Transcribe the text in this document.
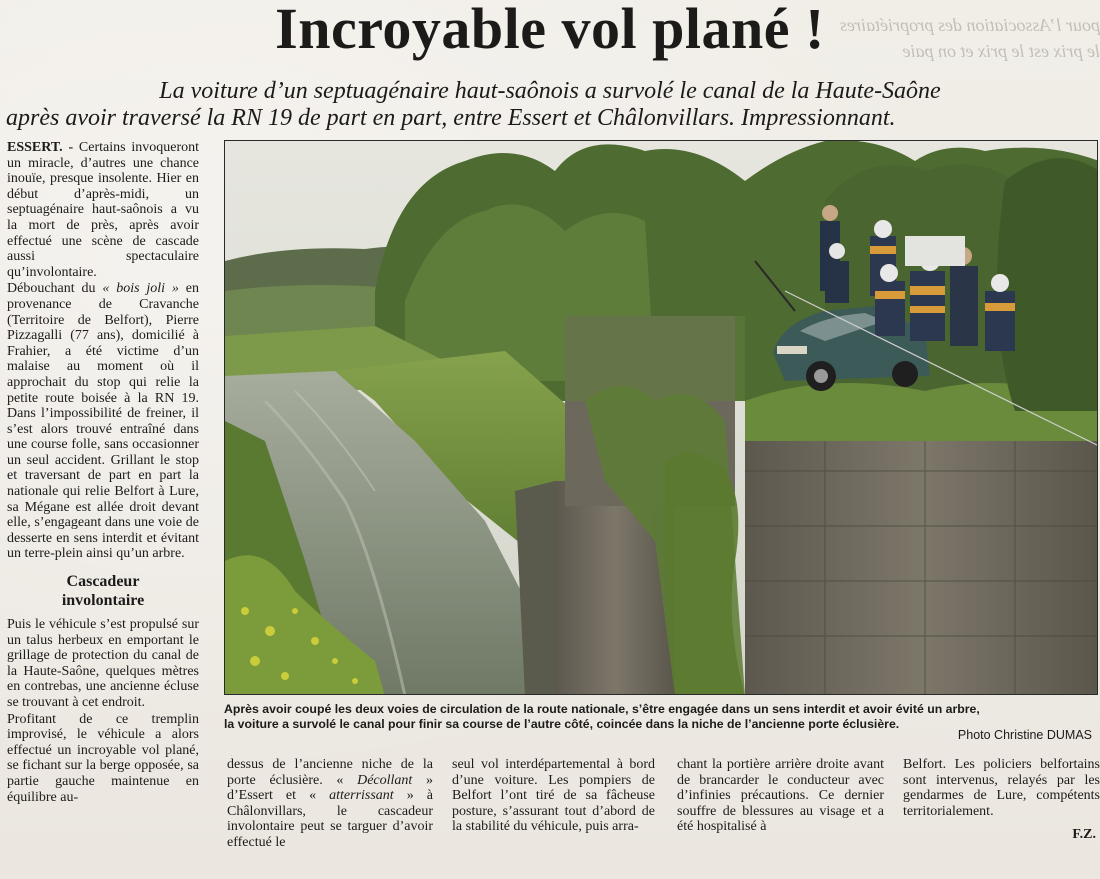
pour l’Association des propriétaires
le prix est le prix et on paie
Incroyable vol plané !
La voiture d’un septuagénaire haut-saônois a survolé le canal de la Haute-Saône
après avoir traversé la RN 19 de part en part, entre Essert et Châlonvillars. Impressionnant.

ESSERT. - Certains invoqueront un miracle, d’autres une chance inouïe, presque insolente. Hier en début d’après-midi, un septuagénaire haut-saônois a vu la mort de près, après avoir effectué une scène de cascade aussi spectaculaire qu’involontaire.

Débouchant du « bois joli » en provenance de Cravanche (Territoire de Belfort), Pierre Pizzagalli (77 ans), domicilié à Frahier, a été victime d’un malaise au moment où il approchait du stop qui relie la petite route boisée à la RN 19. Dans l’impossibilité de freiner, il s’est alors trouvé entraîné dans une course folle, sans occasionner un seul accident. Grillant le stop et traversant de part en part la nationale qui relie Belfort à Lure, sa Mégane est allée droit devant elle, s’engageant dans une voie de desserte en sens interdit et évitant un terre-plein ainsi qu’un arbre.

Cascadeur
involontaire

Puis le véhicule s’est propulsé sur un talus herbeux en emportant le grillage de protection du canal de la Haute-Saône, quelques mètres en contrebas, une ancienne écluse se trouvant à cet endroit.

Profitant de ce tremplin improvisé, le véhicule a alors effectué un incroyable vol plané, se fichant sur la berge opposée, sa partie gauche maintenue en équilibre au-

Après avoir coupé les deux voies de circulation de la route nationale, s’être engagée dans un sens interdit et avoir évité un arbre,
la voiture a survolé le canal pour finir sa course de l’autre côté, coincée dans la niche de l’ancienne porte éclusière.
Photo Christine DUMAS
.
dessus de l’ancienne niche de la porte éclusière. « Décollant » d’Essert et « atterrissant » à Châlonvillars, le cascadeur involontaire peut se targuer d’avoir effectué le
seul vol interdépartemental à bord d’une voiture. Les pompiers de Belfort l’ont tiré de sa fâcheuse posture, s’assurant tout d’abord de la stabilité du véhicule, puis arra-
chant la portière arrière droite avant de brancarder le conducteur avec d’infinies précautions. Ce dernier souffre de blessures au visage et a été hospitalisé à
Belfort. Les policiers belfortains sont intervenus, relayés par les gendarmes de Lure, compétents territorialement.
F.Z.
